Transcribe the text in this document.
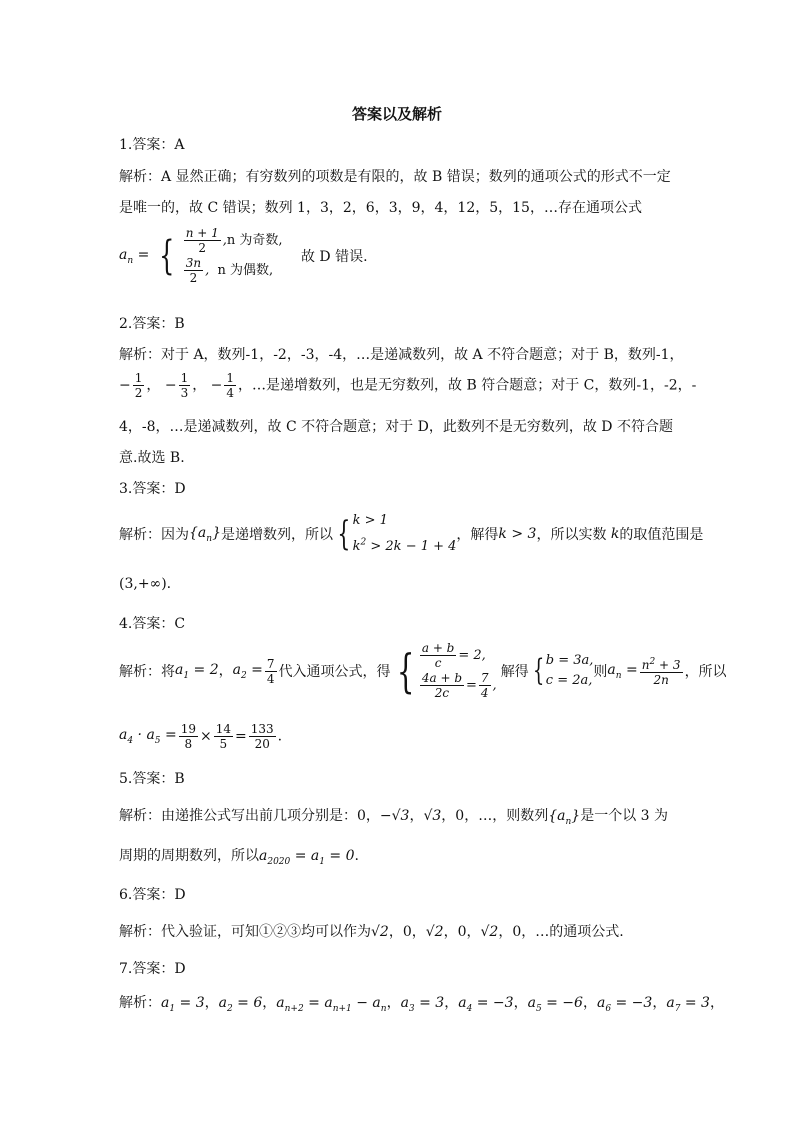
答案以及解析
1.答案：A
解析：A 显然正确；有穷数列的项数是有限的，故 B 错误；数列的通项公式的形式不一定
是唯一的，故 C 错误；数列 1，3，2，6，3，9，4，12，5，15，…存在通项公式
$a_n$ = { $\frac{n + 1}{2} ,n$ 为奇数,

$\frac{3n}{2}$ ,  n 为偶数, 故 D 错误.
2.答案：B
解析：对于 A，数列-1，-2，-3，-4，…是递减数列，故 A 不符合题意；对于 B，数列-1，
− $\frac{1}{2}$ ， − $\frac{1}{3}$ ， − $\frac{1}{4}$ ，…是递增数列，也是无穷数列，故 B 符合题意；对于 C，数列-1，-2，-
4，-8，…是递减数列，故 C 不符合题意；对于 D，此数列不是无穷数列，故 D 不符合题
意.故选 B.
3.答案：D
解析：因为$\{a_n\}$是递增数列，所以 { k > 1
$k^2 > 2k - 1 + 4$，解得k > 3，所以实数 k的取值范围是
(3,+∞).
4.答案：C
解析：将$a_1 = 2$，$a_2 = \frac{7}{4}$ 代入通项公式，得 { $\frac{a + b}{c} = 2$,

$\frac{4a + b}{2c} = \frac{7}{4}$ ,解得 { b = 3a,
c = 2a,则$a_n = \frac{n^2 + 3}{2n}$ ，所以
$a_4 \cdot a_5 = \frac{19}{8} \times \frac{14}{5} = \frac{133}{20}$ .
5.答案：B
解析：由递推公式写出前几项分别是：0，−√3，√3，0，…，则数列$\{a_n\}$是一个以 3 为
周期的周期数列，所以$a_{2020} = a_1 = 0$.
6.答案：D
解析：代入验证，可知①②③均可以作为√2，0，√2，0，√2，0，…的通项公式.
7.答案：D
解析：$a_1 = 3$，$a_2 = 6$，$a_{n+2} = a_{n+1} - a_n$，$a_3 = 3$，$a_4 = -3$，$a_5 = -6$，$a_6 = -3$，$a_7 = 3$，
